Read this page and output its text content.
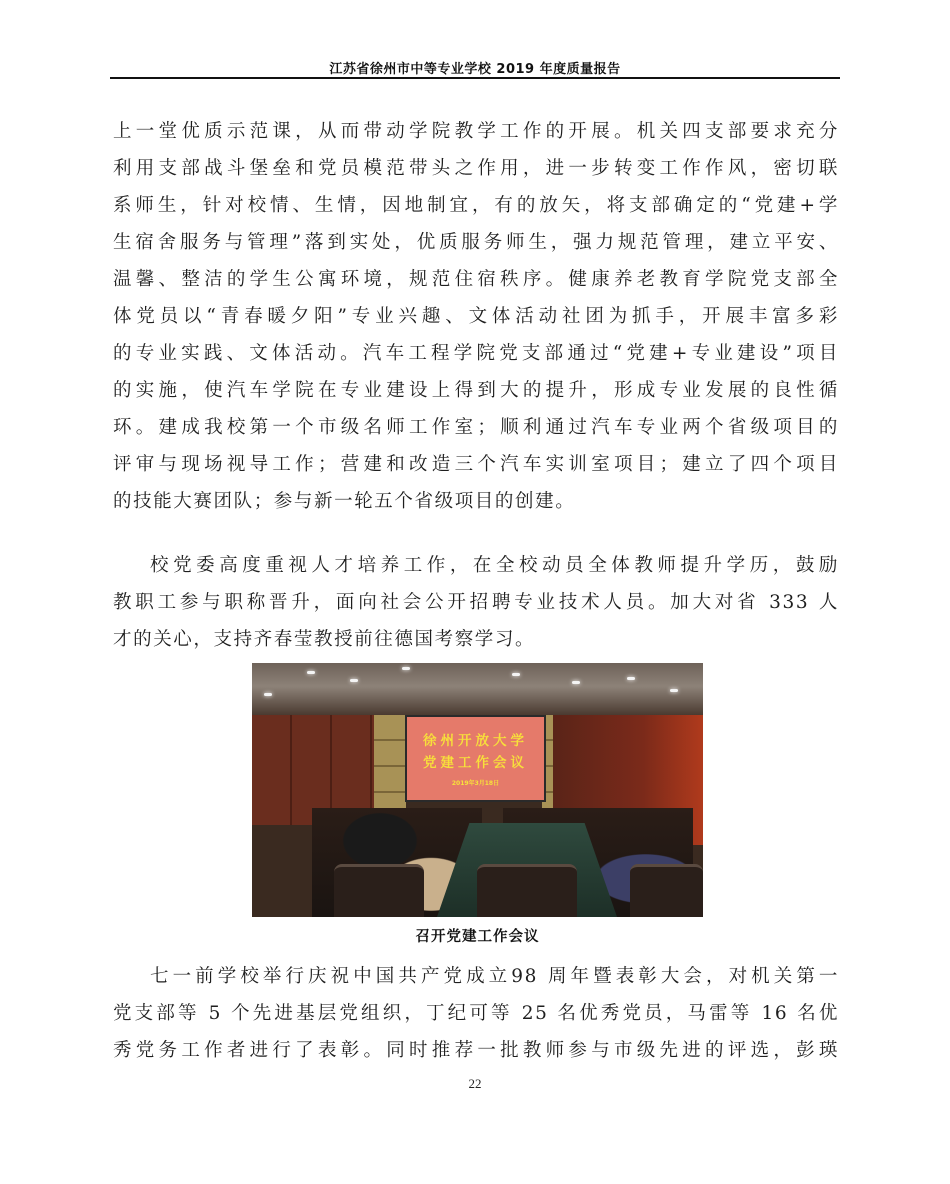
江苏省徐州市中等专业学校 2019 年度质量报告

上一堂优质示范课，从而带动学院教学工作的开展。机关四支部要求充分

利用支部战斗堡垒和党员模范带头之作用，进一步转变工作作风，密切联

系师生，针对校情、生情，因地制宜，有的放矢，将支部确定的“党建+学

生宿舍服务与管理”落到实处，优质服务师生，强力规范管理，建立平安、

温馨、整洁的学生公寓环境，规范住宿秩序。健康养老教育学院党支部全

体党员以“青春暖夕阳”专业兴趣、文体活动社团为抓手，开展丰富多彩

的专业实践、文体活动。汽车工程学院党支部通过“党建+专业建设”项目

的实施，使汽车学院在专业建设上得到大的提升，形成专业发展的良性循

环。建成我校第一个市级名师工作室；顺利通过汽车专业两个省级项目的

评审与现场视导工作；营建和改造三个汽车实训室项目；建立了四个项目

的技能大赛团队；参与新一轮五个省级项目的创建。

校党委高度重视人才培养工作，在全校动员全体教师提升学历，鼓励

教职工参与职称晋升，面向社会公开招聘专业技术人员。加大对省 333 人

才的关心，支持齐春莹教授前往德国考察学习。

徐州开放大学
党建工作会议
2019年3月18日
召开党建工作会议

七一前学校举行庆祝中国共产党成立98 周年暨表彰大会，对机关第一

党支部等 5 个先进基层党组织，丁纪可等 25 名优秀党员，马雷等 16 名优

秀党务工作者进行了表彰。同时推荐一批教师参与市级先进的评选，彭瑛

22
